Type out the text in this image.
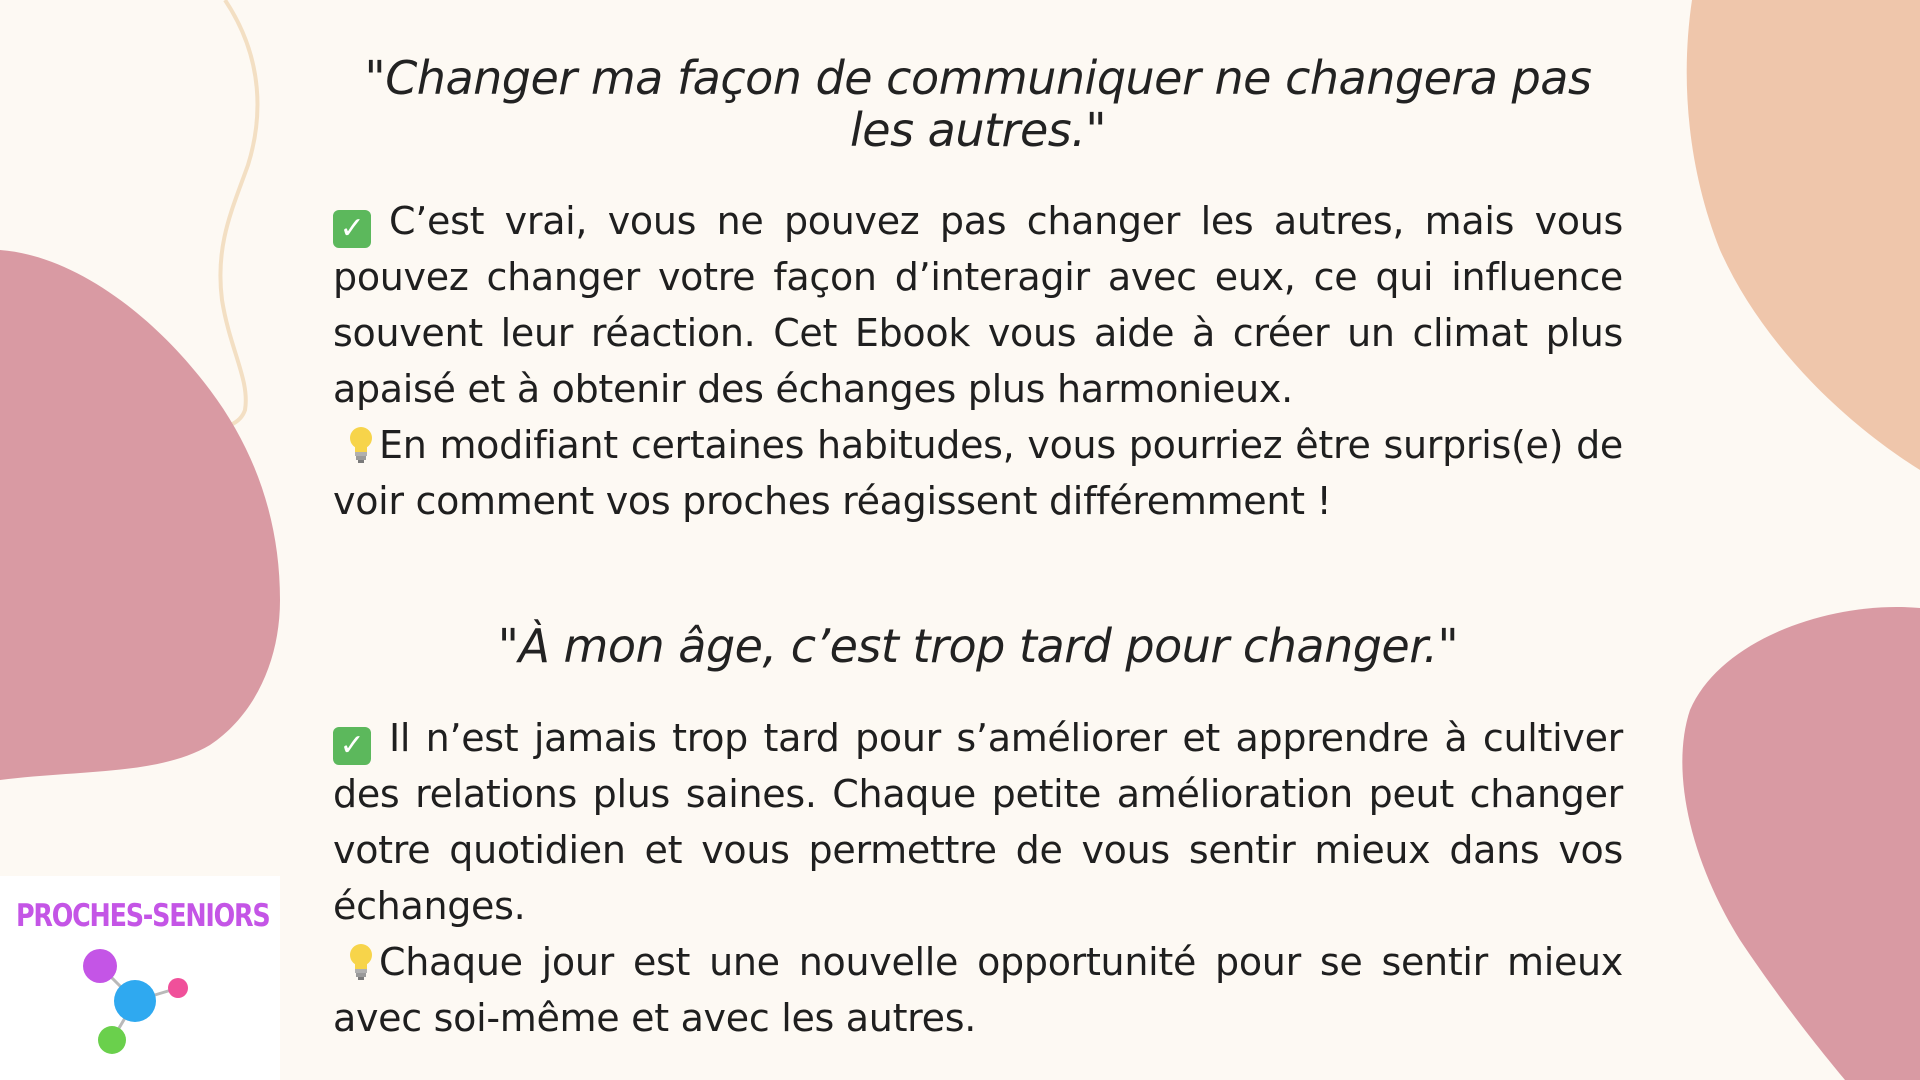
PROCHES-SENIORS
"Changer ma façon de communiquer ne changera pas les autres."

✓ C’est vrai, vous ne pouvez pas changer les autres, mais vous pouvez changer votre façon d’interagir avec eux, ce qui influence souvent leur réaction. Cet Ebook vous aide à créer un climat plus apaisé et à obtenir des échanges plus harmonieux.

En modifiant certaines habitudes, vous pourriez être surpris(e) de voir comment vos proches réagissent différemment !

"À mon âge, c’est trop tard pour changer."

✓ Il n’est jamais trop tard pour s’améliorer et apprendre à cultiver des relations plus saines. Chaque petite amélioration peut changer votre quotidien et vous permettre de vous sentir mieux dans vos échanges.

Chaque jour est une nouvelle opportunité pour se sentir mieux avec soi-même et avec les autres.
